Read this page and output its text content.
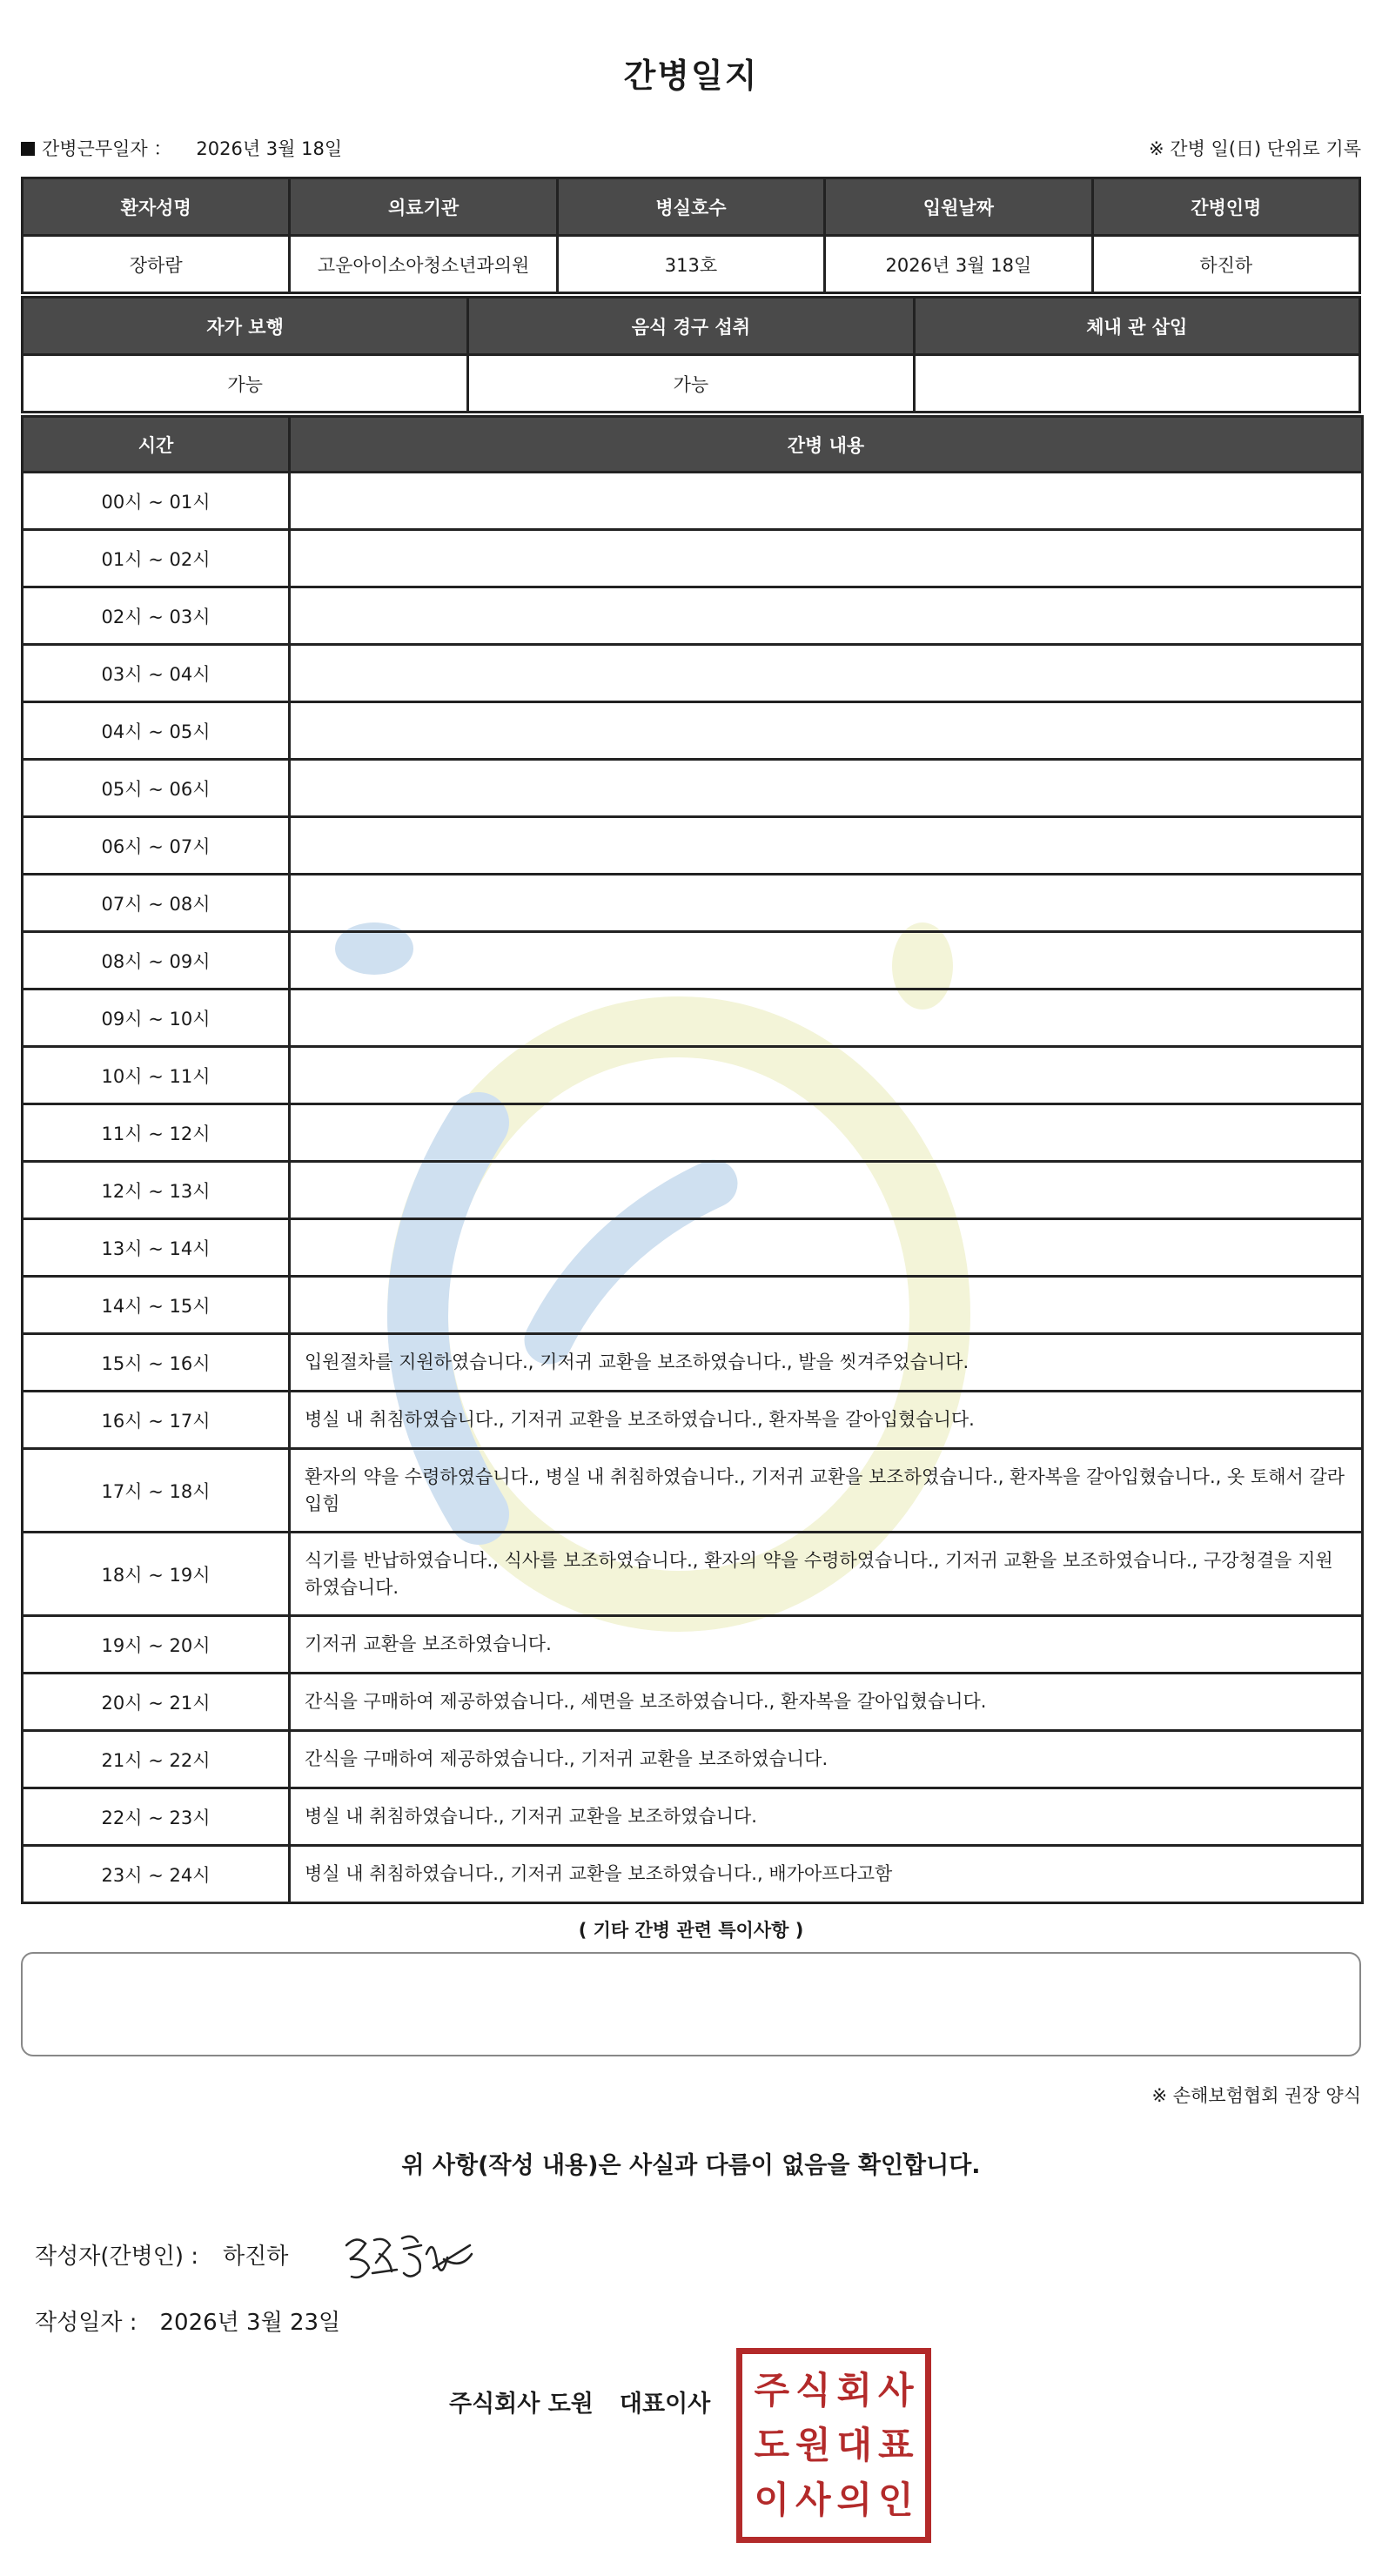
간병일지
간병근무일자 ： 2026년 3월 18일	※ 간병 일(日) 단위로 기록
환자성명	의료기관	병실호수	입원날짜	간병인명
장하람	고운아이소아청소년과의원	313호	2026년 3월 18일	하진하
자가 보행	음식 경구 섭취	체내 관 삽입
가능	가능	
시간	간병 내용
00시 ~ 01시	
01시 ~ 02시	
02시 ~ 03시	
03시 ~ 04시	
04시 ~ 05시	
05시 ~ 06시	
06시 ~ 07시	
07시 ~ 08시	
08시 ~ 09시	
09시 ~ 10시	
10시 ~ 11시	
11시 ~ 12시	
12시 ~ 13시	
13시 ~ 14시	
14시 ~ 15시	
15시 ~ 16시	입원절차를 지원하였습니다., 기저귀 교환을 보조하였습니다., 발을 씻겨주었습니다.
16시 ~ 17시	병실 내 취침하였습니다., 기저귀 교환을 보조하였습니다., 환자복을 갈아입혔습니다.
17시 ~ 18시	환자의 약을 수령하였습니다., 병실 내 취침하였습니다., 기저귀 교환을 보조하였습니다., 환자복을 갈아입혔습니다., 옷 토해서 갈라입힘
18시 ~ 19시	식기를 반납하였습니다., 식사를 보조하였습니다., 환자의 약을 수령하였습니다., 기저귀 교환을 보조하였습니다., 구강청결을 지원하였습니다.
19시 ~ 20시	기저귀 교환을 보조하였습니다.
20시 ~ 21시	간식을 구매하여 제공하였습니다., 세면을 보조하였습니다., 환자복을 갈아입혔습니다.
21시 ~ 22시	간식을 구매하여 제공하였습니다., 기저귀 교환을 보조하였습니다.
22시 ~ 23시	병실 내 취침하였습니다., 기저귀 교환을 보조하였습니다.
23시 ~ 24시	병실 내 취침하였습니다., 기저귀 교환을 보조하였습니다., 배가아프다고함
( 기타 간병 관련 특이사항 )
※ 손해보험협회 권장 양식
위 사항(작성 내용)은 사실과 다름이 없음을 확인합니다.
작성자(간병인) : 하진하
작성일자 : 2026년 3월 23일
주식회사 도원 대표이사 주 식 회 사
도 원 대 표
이 사 의 인
